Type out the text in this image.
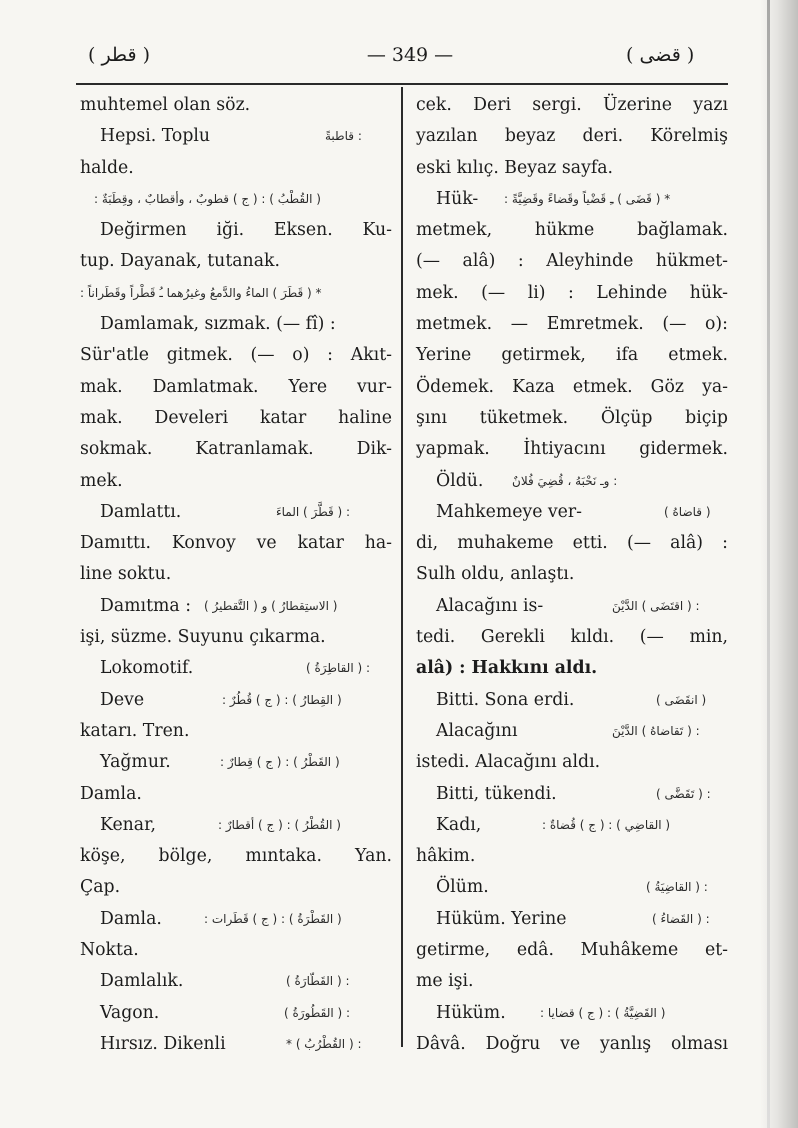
( قطر )	— 349 —	( قضى )
muhtemel olan söz.
Hepsi. Toplu	: قاطبةً
halde.
( القُطْبُ ) : ( ج ) قطوبٌ ، وأقطابٌ ، وقِطَبَةٌ :
Değirmen iği. Eksen. Ku-
tup. Dayanak, tutanak.
* ( قَطَرَ ) الماءُ والدَّمعُ وغيرُهما ـُ قَطْراً وقَطَراناً :
Damlamak, sızmak. (— fî) :
Sür'atle gitmek. (— o) : Akıt-
mak. Damlatmak. Yere vur-
mak. Develeri katar haline
sokmak. Katranlamak. Dik-
mek.
Damlattı.	: ( قَطَّرَ ) الماءَ
Damıttı. Konvoy ve katar ha-
line soktu.
Damıtma : ( الاستِقطارُ ) و ( التَّقطيرُ )
işi, süzme. Suyunu çıkarma.
Lokomotif.	: ( القاطِرَةُ )
Deve	( القِطارُ ) : ( ج ) قُطُرٌ :
katarı. Tren.
Yağmur.	( القَطْرُ ) : ( ج ) قِطارٌ :
Damla.
Kenar,	( القُطْرُ ) : ( ج ) أقطارٌ :
köşe, bölge, mıntaka. Yan.
Çap.
Damla.	( القَطْرَةُ ) : ( ج ) قَطَرات :
Nokta.
Damlalık.	: ( القَطّارَةُ )
Vagon.	: ( القَطُورَةُ )
Hırsız. Dikenli	: ( القُطْرُبُ ) *
cek. Deri sergi. Üzerine yazı
yazılan beyaz deri. Körelmiş
eski kılıç. Beyaz sayfa.
Hük- * ( قَضَى ) ـِ قَضْياً وقَضاءً وقَضِيَّةً :
metmek, hükme bağlamak.
(— alâ) : Aleyhinde hükmet-
mek. (— li) : Lehinde hük-
metmek. — Emretmek. (— o):
Yerine getirmek, ifa etmek.
Ödemek. Kaza etmek. Göz ya-
şını tüketmek. Ölçüp biçip
yapmak. İhtiyacını gidermek.
Öldü. : وـ نَحْبَهُ ، قُضِيَ فُلانٌ
Mahkemeye ver-	( قاضاهُ )
di, muhakeme etti. (— alâ) :
Sulh oldu, anlaştı.
Alacağını is-	: ( اقتَضَى ) الدَّيْنَ
tedi. Gerekli kıldı. (— min,
alâ) : Hakkını aldı.
Bitti. Sona erdi.	( انقَضَى )
Alacağını	: ( تَقاضاهُ ) الدَّيْنَ
istedi. Alacağını aldı.
Bitti, tükendi.	: ( تَقَضَّى )
Kadı,	( القاضِي ) : ( ج ) قُضاةٌ :
hâkim.
Ölüm.	: ( القاضِيَةُ )
Hüküm. Yerine	: ( القَضاءُ )
getirme, edâ. Muhâkeme et-
me işi.
Hüküm.	( القَضِيَّةُ ) : ( ج ) قضايا :
Dâvâ. Doğru ve yanlış olması
